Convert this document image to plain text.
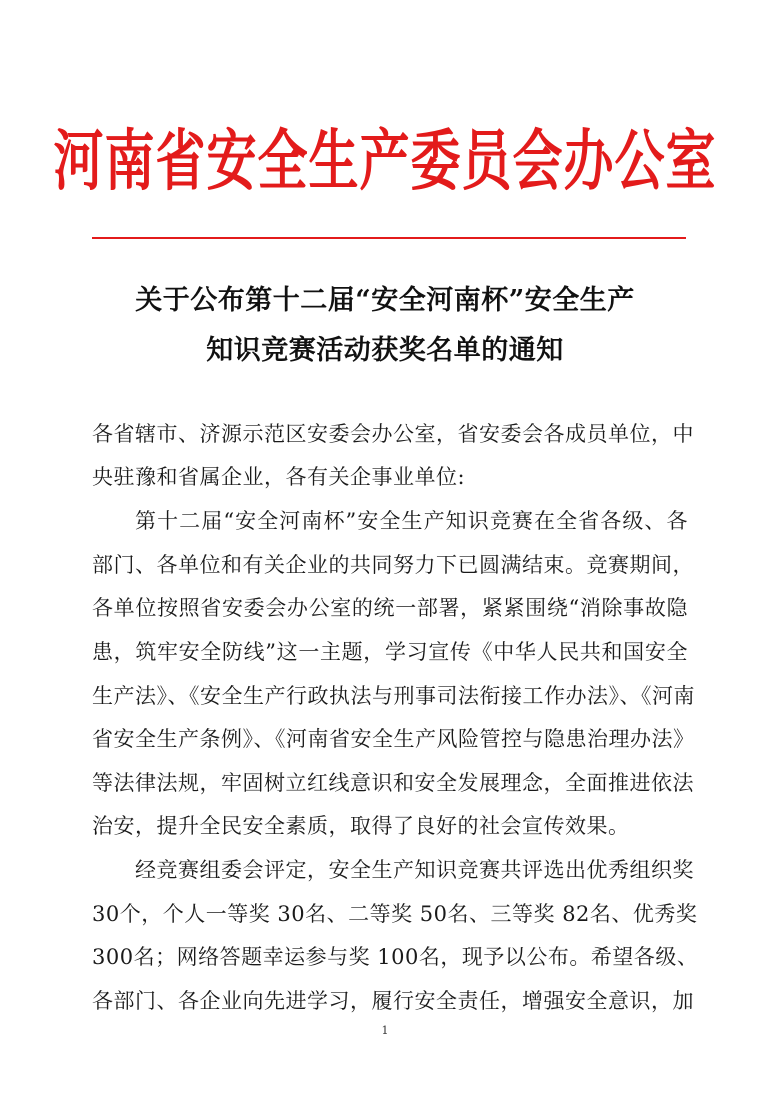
河南省安全生产委员会办公室
关于公布第十二届“安全河南杯”安全生产
知识竞赛活动获奖名单的通知
各省辖市、济源示范区安委会办公室，省安委会各成员单位，中
央驻豫和省属企业，各有关企事业单位:
第十二届“安全河南杯”安全生产知识竞赛在全省各级、各
部门、各单位和有关企业的共同努力下已圆满结束。竞赛期间，
各单位按照省安委会办公室的统一部署，紧紧围绕“消除事故隐
患，筑牢安全防线”这一主题，学习宣传《中华人民共和国安全
生产法》、《安全生产行政执法与刑事司法衔接工作办法》、《河南
省安全生产条例》、《河南省安全生产风险管控与隐患治理办法》
等法律法规，牢固树立红线意识和安全发展理念，全面推进依法
治安，提升全民安全素质，取得了良好的社会宣传效果。
经竞赛组委会评定，安全生产知识竞赛共评选出优秀组织奖
30个，个人一等奖 30名、二等奖 50名、三等奖 82名、优秀奖
300名；网络答题幸运参与奖 100名，现予以公布。希望各级、
各部门、各企业向先进学习，履行安全责任，增强安全意识，加
1
